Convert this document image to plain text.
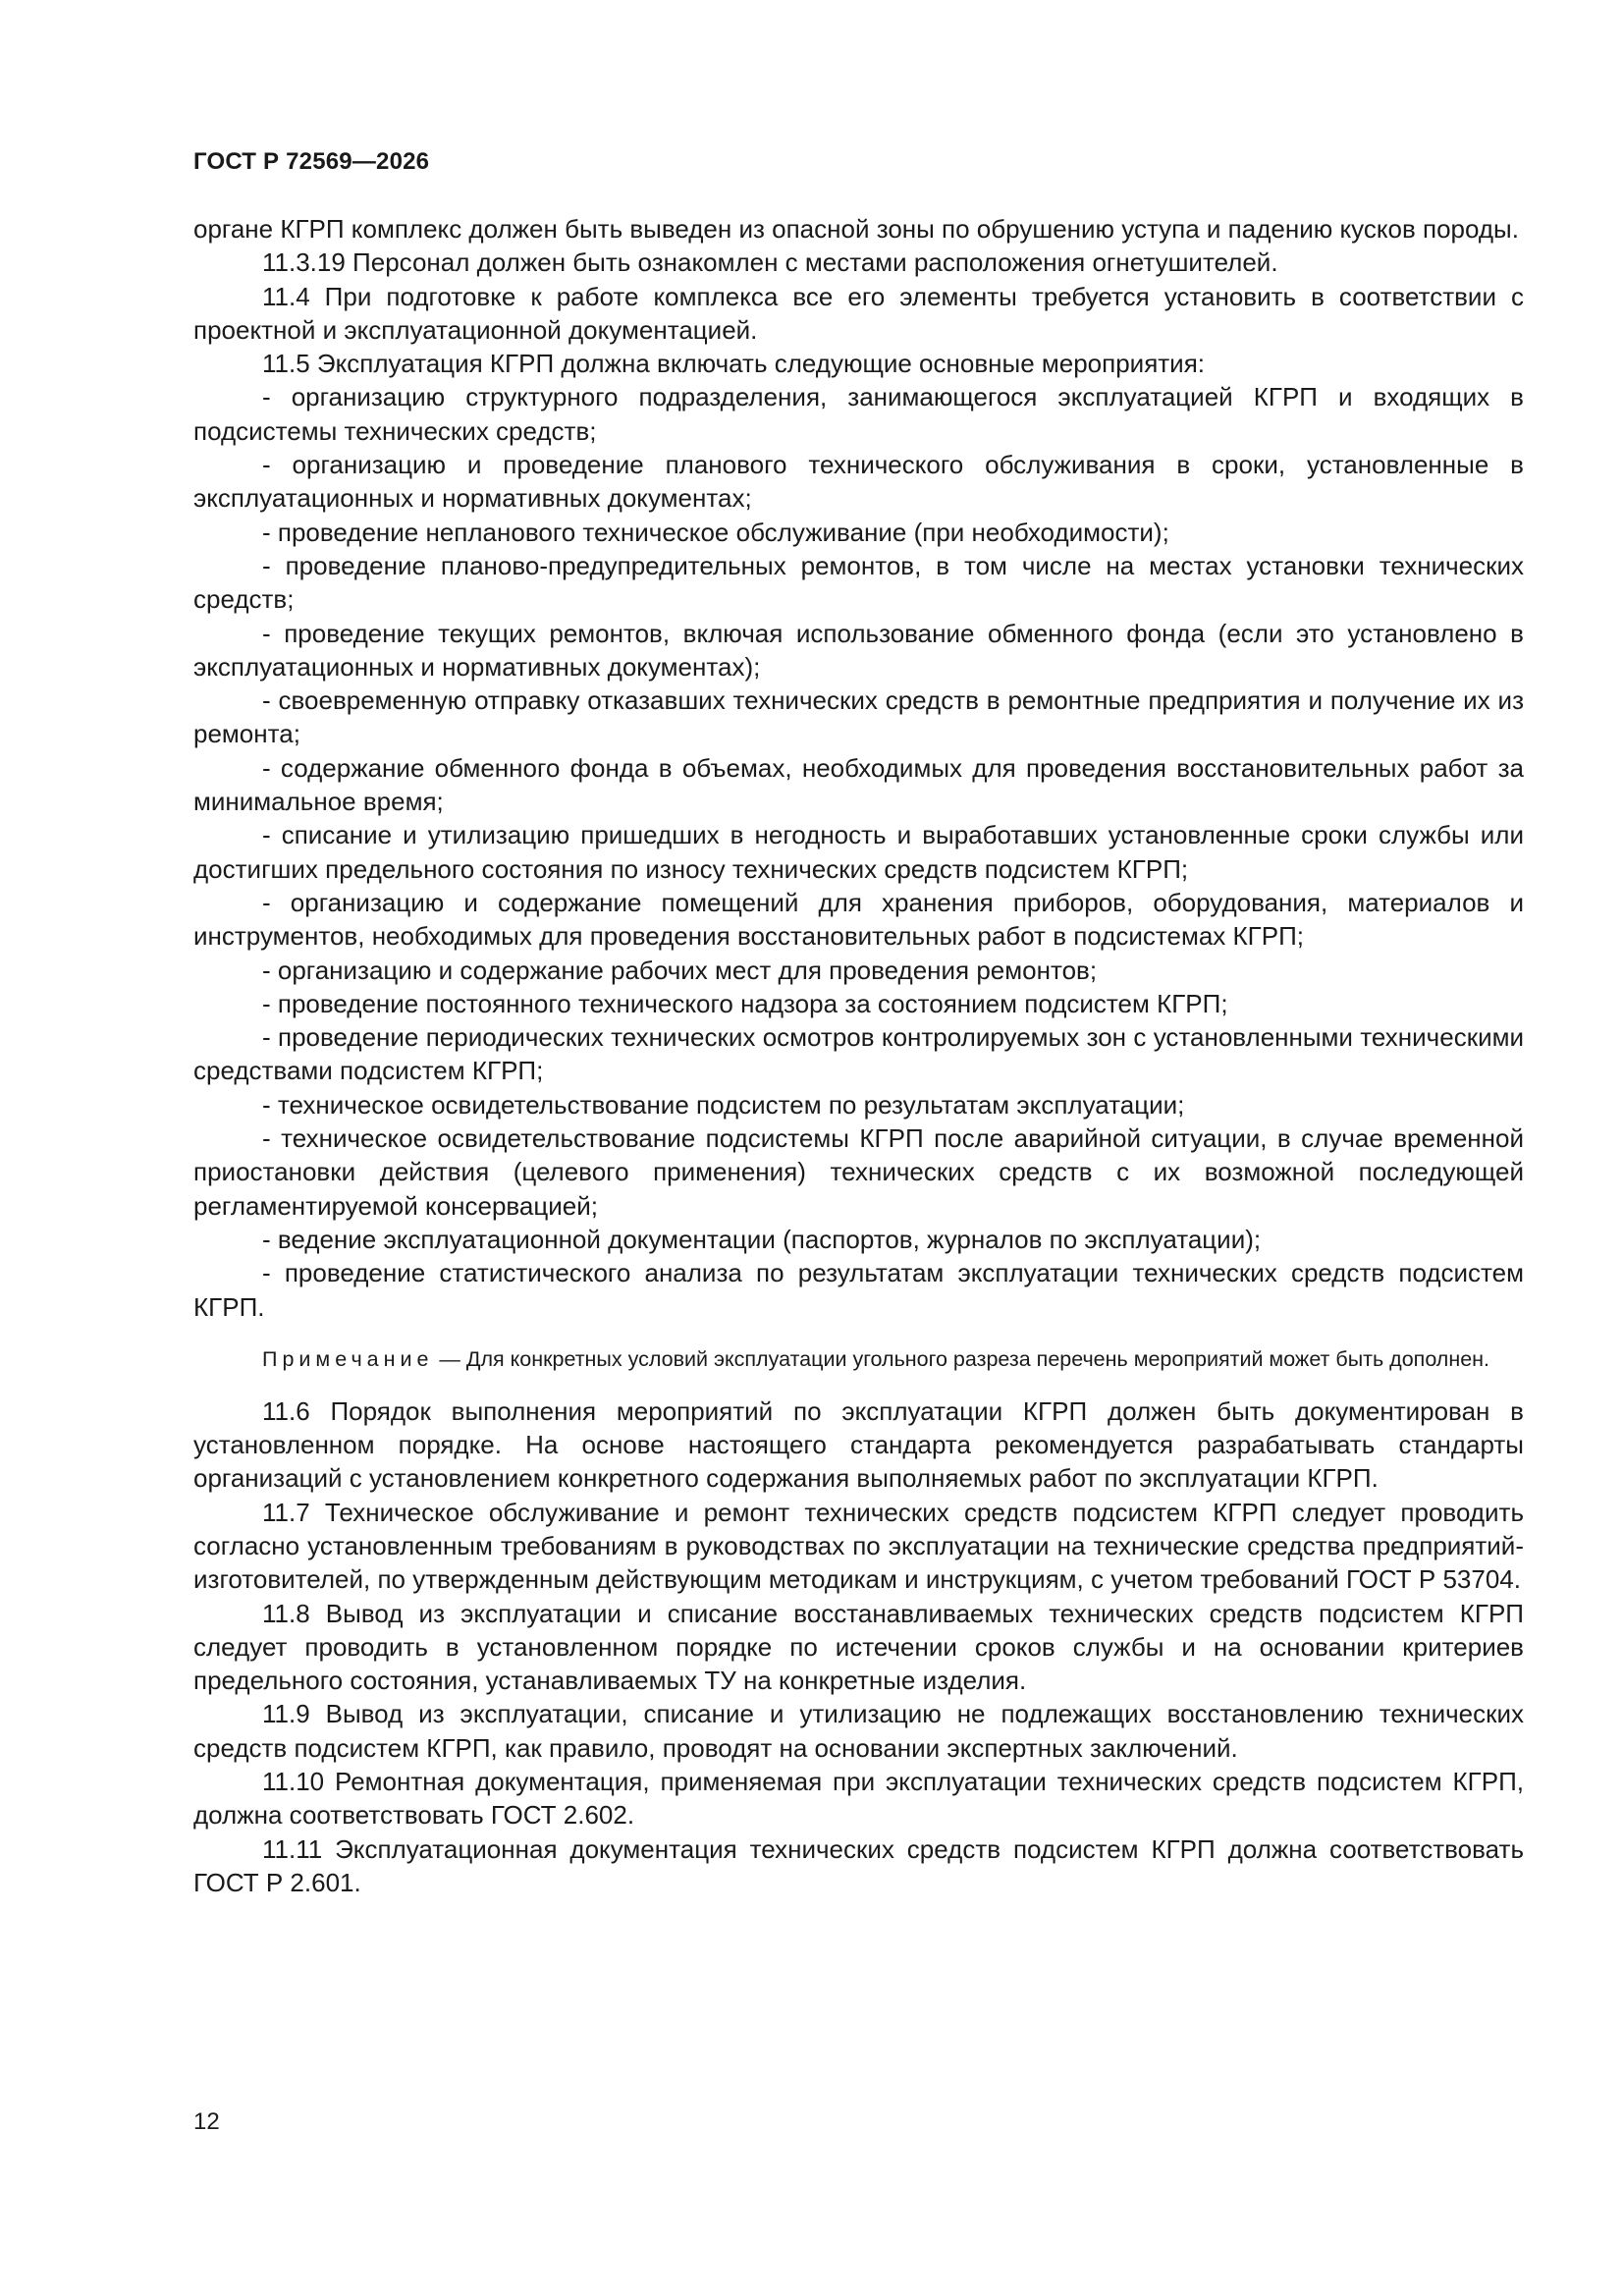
ГОСТ Р 72569—2026

органе КГРП комплекс должен быть выведен из опасной зоны по обрушению уступа и падению кусков породы.

11.3.19 Персонал должен быть ознакомлен с местами расположения огнетушителей.

11.4 При подготовке к работе комплекса все его элементы требуется установить в соответствии с проектной и эксплуатационной документацией.

11.5 Эксплуатация КГРП должна включать следующие основные мероприятия:

- организацию структурного подразделения, занимающегося эксплуатацией КГРП и входящих в подсистемы технических средств;

- организацию и проведение планового технического обслуживания в сроки, установленные в эксплуатационных и нормативных документах;

- проведение непланового техническое обслуживание (при необходимости);

- проведение планово-предупредительных ремонтов, в том числе на местах установки технических средств;

- проведение текущих ремонтов, включая использование обменного фонда (если это установлено в эксплуатационных и нормативных документах);

- своевременную отправку отказавших технических средств в ремонтные предприятия и получение их из ремонта;

- содержание обменного фонда в объемах, необходимых для проведения восстановительных работ за минимальное время;

- списание и утилизацию пришедших в негодность и выработавших установленные сроки службы или достигших предельного состояния по износу технических средств подсистем КГРП;

- организацию и содержание помещений для хранения приборов, оборудования, материалов и инструментов, необходимых для проведения восстановительных работ в подсистемах КГРП;

- организацию и содержание рабочих мест для проведения ремонтов;

- проведение постоянного технического надзора за состоянием подсистем КГРП;

- проведение периодических технических осмотров контролируемых зон с установленными техническими средствами подсистем КГРП;

- техническое освидетельствование подсистем по результатам эксплуатации;

- техническое освидетельствование подсистемы КГРП после аварийной ситуации, в случае временной приостановки действия (целевого применения) технических средств с их возможной последующей регламентируемой консервацией;

- ведение эксплуатационной документации (паспортов, журналов по эксплуатации);

- проведение статистического анализа по результатам эксплуатации технических средств подсистем КГРП.

Примечание — Для конкретных условий эксплуатации угольного разреза перечень мероприятий может быть дополнен.

11.6 Порядок выполнения мероприятий по эксплуатации КГРП должен быть документирован в установленном порядке. На основе настоящего стандарта рекомендуется разрабатывать стандарты организаций с установлением конкретного содержания выполняемых работ по эксплуатации КГРП.

11.7 Техническое обслуживание и ремонт технических средств подсистем КГРП следует проводить согласно установленным требованиям в руководствах по эксплуатации на технические средства предприятий-изготовителей, по утвержденным действующим методикам и инструкциям, с учетом требований ГОСТ Р 53704.

11.8 Вывод из эксплуатации и списание восстанавливаемых технических средств подсистем КГРП следует проводить в установленном порядке по истечении сроков службы и на основании критериев предельного состояния, устанавливаемых ТУ на конкретные изделия.

11.9 Вывод из эксплуатации, списание и утилизацию не подлежащих восстановлению технических средств подсистем КГРП, как правило, проводят на основании экспертных заключений.

11.10 Ремонтная документация, применяемая при эксплуатации технических средств подсистем КГРП, должна соответствовать ГОСТ 2.602.

11.11 Эксплуатационная документация технических средств подсистем КГРП должна соответствовать ГОСТ Р 2.601.

12
